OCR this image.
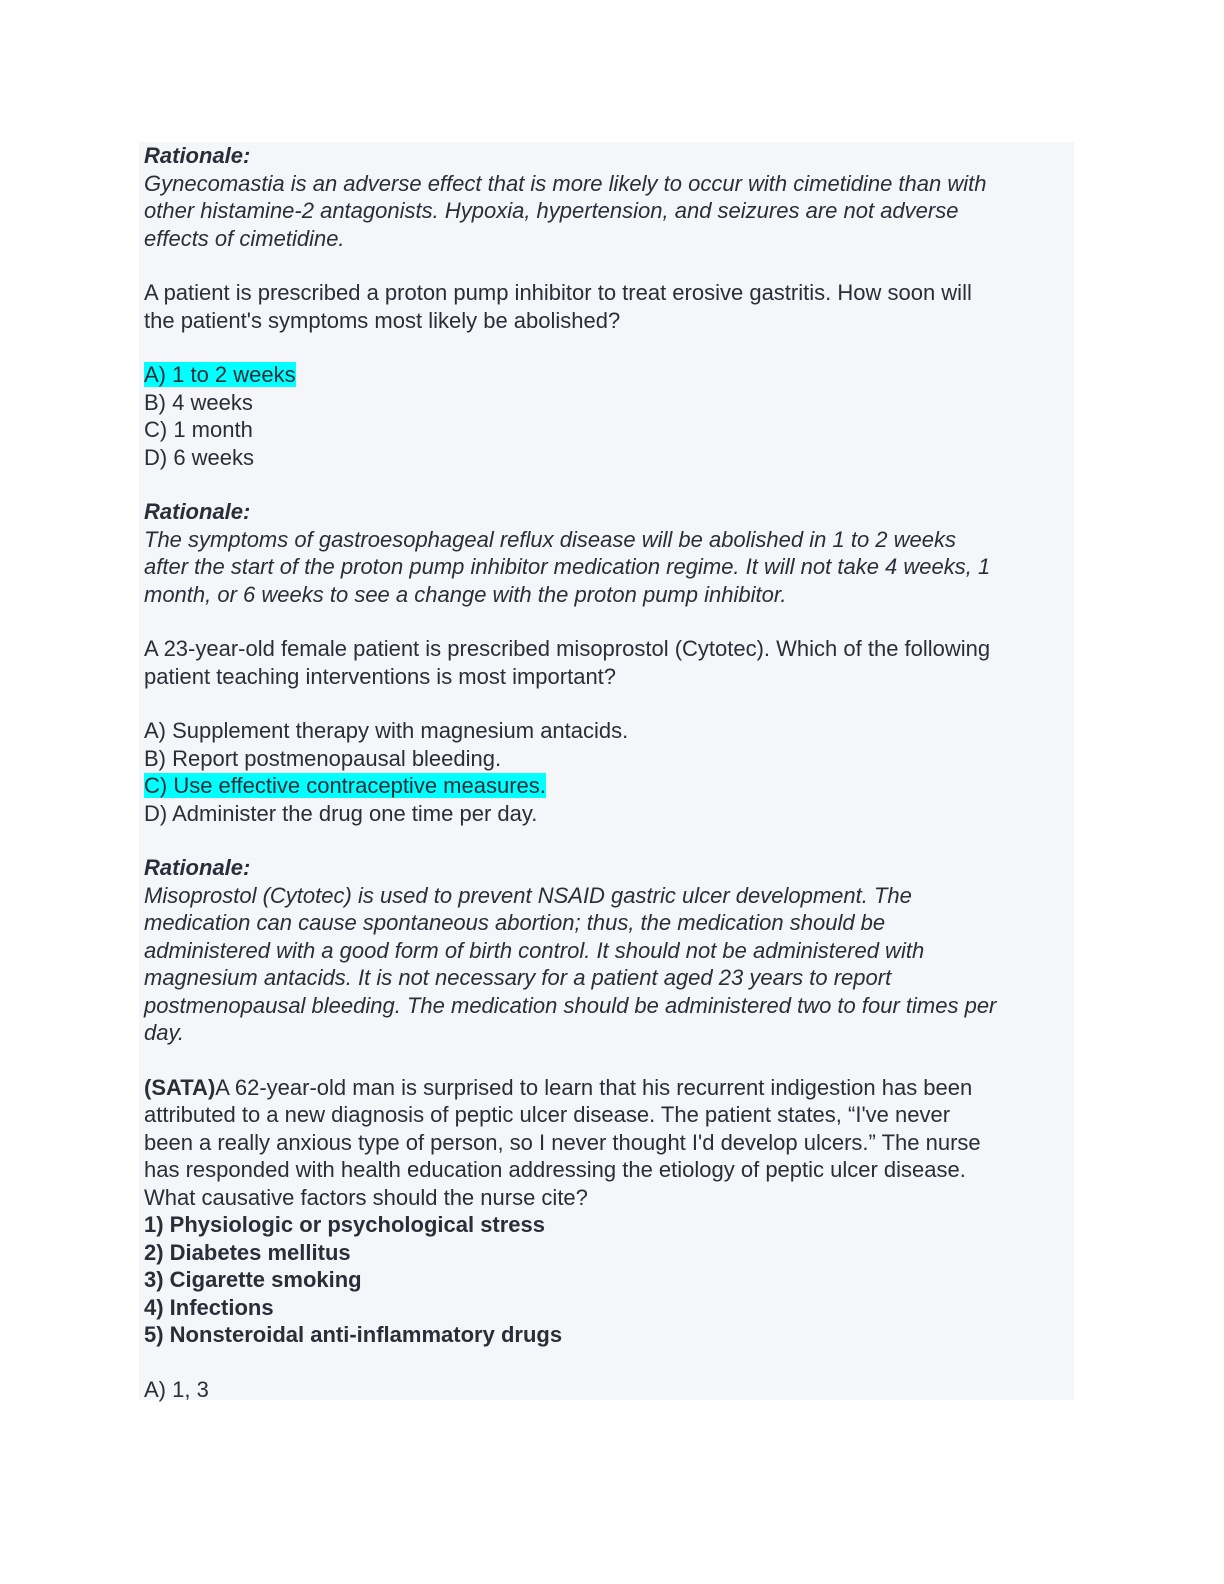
Rationale:
Gynecomastia is an adverse effect that is more likely to occur with cimetidine than with
other histamine-2 antagonists. Hypoxia, hypertension, and seizures are not adverse
effects of cimetidine.
A patient is prescribed a proton pump inhibitor to treat erosive gastritis. How soon will
the patient's symptoms most likely be abolished?
A) 1 to 2 weeks
B) 4 weeks
C) 1 month
D) 6 weeks
Rationale:
The symptoms of gastroesophageal reflux disease will be abolished in 1 to 2 weeks
after the start of the proton pump inhibitor medication regime. It will not take 4 weeks, 1
month, or 6 weeks to see a change with the proton pump inhibitor.
A 23-year-old female patient is prescribed misoprostol (Cytotec). Which of the following
patient teaching interventions is most important?
A) Supplement therapy with magnesium antacids.
B) Report postmenopausal bleeding.
C) Use effective contraceptive measures.
D) Administer the drug one time per day.
Rationale:
Misoprostol (Cytotec) is used to prevent NSAID gastric ulcer development. The
medication can cause spontaneous abortion; thus, the medication should be
administered with a good form of birth control. It should not be administered with
magnesium antacids. It is not necessary for a patient aged 23 years to report
postmenopausal bleeding. The medication should be administered two to four times per
day.
(SATA)A 62-year-old man is surprised to learn that his recurrent indigestion has been
attributed to a new diagnosis of peptic ulcer disease. The patient states, “I've never
been a really anxious type of person, so I never thought I'd develop ulcers.” The nurse
has responded with health education addressing the etiology of peptic ulcer disease.
What causative factors should the nurse cite?
1) Physiologic or psychological stress
2) Diabetes mellitus
3) Cigarette smoking
4) Infections
5) Nonsteroidal anti-inflammatory drugs
A) 1, 3
